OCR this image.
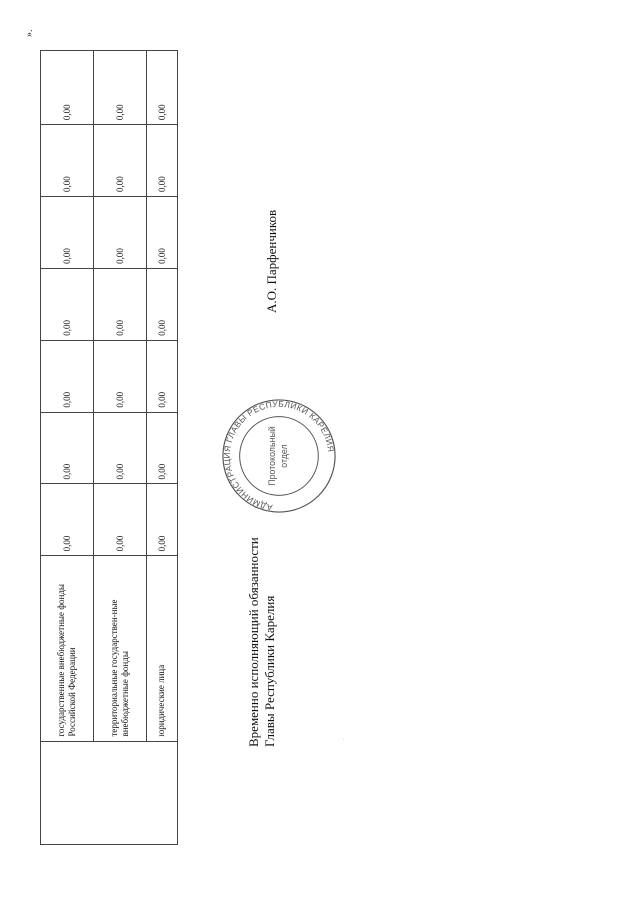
	государственные внебюджетные фонды Российской Федерации	0,00	0,00	0,00	0,00	0,00	0,00	0,00
	территориальные государствен-ные внебюджетные фонды	0,00	0,00	0,00	0,00	0,00	0,00	0,00
	юридические лица	0,00	0,00	0,00	0,00	0,00	0,00	0,00
».
Временно исполняющий обязанности Главы Республики Карелия
А.О. Парфенчиков
АДМИНИСТРАЦИЯ ГЛАВЫ РЕСПУБЛИКИ КАРЕЛИЯ
Протокольный отдел
.
